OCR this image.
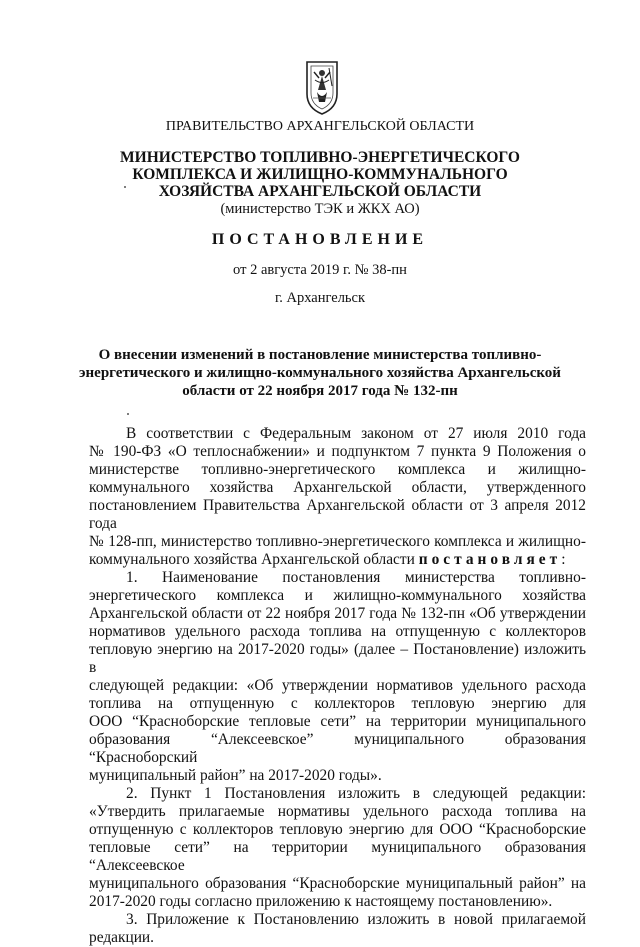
ПРАВИТЕЛЬСТВО АРХАНГЕЛЬСКОЙ ОБЛАСТИ
МИНИСТЕРСТВО ТОПЛИВНО-ЭНЕРГЕТИЧЕСКОГО
КОМПЛЕКСА И ЖИЛИЩНО-КОММУНАЛЬНОГО
ХОЗЯЙСТВА АРХАНГЕЛЬСКОЙ ОБЛАСТИ
(министерство ТЭК и ЖКХ АО)
ПОСТАНОВЛЕНИЕ
от 2 августа 2019 г. № 38-пн
г. Архангельск
О внесении изменений в постановление министерства топливно-
энергетического и жилищно-коммунального хозяйства Архангельской
области от 22 ноября 2017 года № 132-пн
В соответствии с Федеральным законом от 27 июля 2010 года
№ 190-ФЗ «О теплоснабжении» и подпунктом 7 пункта 9 Положения о
министерстве топливно-энергетического комплекса и жилищно-
коммунального хозяйства Архангельской области, утвержденного
постановлением Правительства Архангельской области от 3 апреля 2012 года
№ 128-пп, министерство топливно-энергетического комплекса и жилищно-
коммунального хозяйства Архангельской области постановляет:
1. Наименование постановления министерства топливно-
энергетического комплекса и жилищно-коммунального хозяйства
Архангельской области от 22 ноября 2017 года № 132-пн «Об утверждении
нормативов удельного расхода топлива на отпущенную с коллекторов
тепловую энергию на 2017-2020 годы» (далее – Постановление) изложить в
следующей редакции: «Об утверждении нормативов удельного расхода
топлива на отпущенную с коллекторов тепловую энергию для
ООО “Красноборские тепловые сети” на территории муниципального
образования “Алексеевское” муниципального образования “Красноборский
муниципальный район” на 2017-2020 годы».
2. Пункт 1 Постановления изложить в следующей редакции:
«Утвердить прилагаемые нормативы удельного расхода топлива на
отпущенную с коллекторов тепловую энергию для ООО “Красноборские
тепловые сети” на территории муниципального образования “Алексеевское
муниципального образования “Красноборские муниципальный район” на
2017-2020 годы согласно приложению к настоящему постановлению».
3. Приложение к Постановлению изложить в новой прилагаемой
редакции.
